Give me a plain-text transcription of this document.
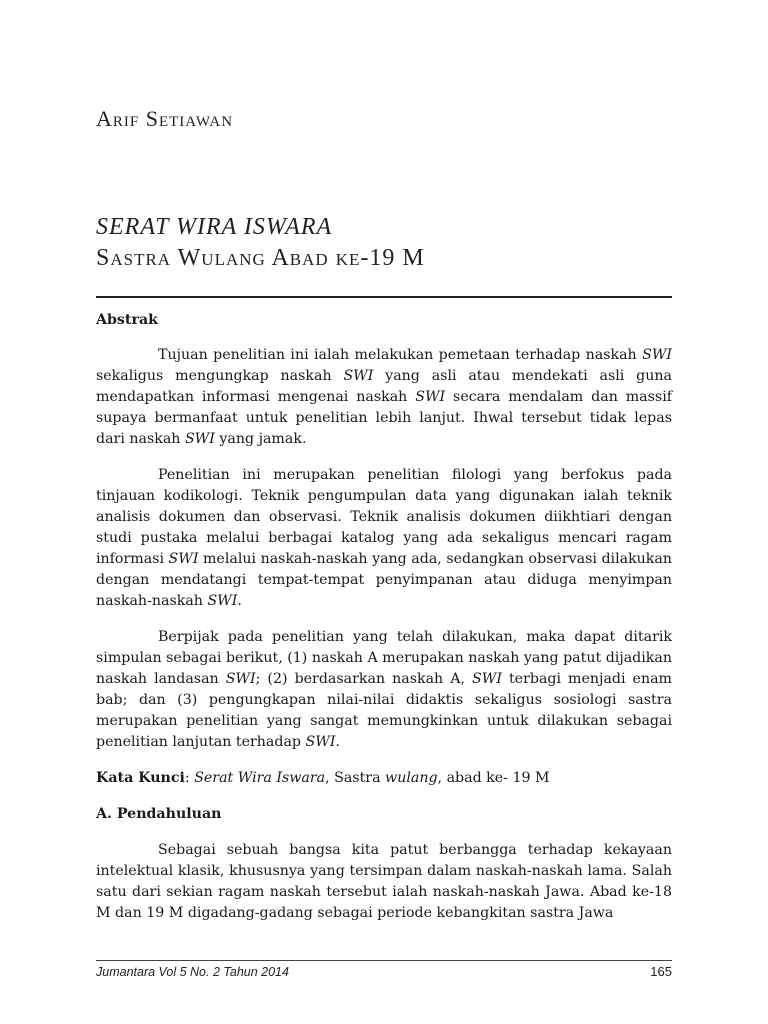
Arif Setiawan
SERAT WIRA ISWARA
Sastra Wulang Abad ke-19 M

Abstrak

Tujuan penelitian ini ialah melakukan pemetaan terhadap naskah SWI sekaligus mengungkap naskah SWI yang asli atau mendekati asli guna mendapatkan informasi mengenai naskah SWI secara mendalam dan massif supaya bermanfaat untuk penelitian lebih lanjut. Ihwal tersebut tidak lepas dari naskah SWI yang jamak.

Penelitian ini merupakan penelitian filologi yang berfokus pada tinjauan kodikologi. Teknik pengumpulan data yang digunakan ialah teknik analisis dokumen dan observasi. Teknik analisis dokumen diikhtiari dengan studi pustaka melalui berbagai katalog yang ada sekaligus mencari ragam informasi SWI melalui naskah-naskah yang ada, sedangkan observasi dilakukan dengan mendatangi tempat-tempat penyimpanan atau diduga menyimpan naskah-naskah SWI.

Berpijak pada penelitian yang telah dilakukan, maka dapat ditarik simpulan sebagai berikut, (1) naskah A merupakan naskah yang patut dijadikan naskah landasan SWI; (2) berdasarkan naskah A, SWI terbagi menjadi enam bab; dan (3) pengungkapan nilai-nilai didaktis sekaligus sosiologi sastra merupakan penelitian yang sangat memungkinkan untuk dilakukan sebagai penelitian lanjutan terhadap SWI.

Kata Kunci: Serat Wira Iswara, Sastra wulang, abad ke- 19 M

A. Pendahuluan

Sebagai sebuah bangsa kita patut berbangga terhadap kekayaan intelektual klasik, khususnya yang tersimpan dalam naskah-naskah lama. Salah satu dari sekian ragam naskah tersebut ialah naskah-naskah Jawa. Abad ke-18 M dan 19 M digadang-gadang sebagai periode kebangkitan sastra Jawa

Jumantara Vol 5 No. 2 Tahun 2014	165
